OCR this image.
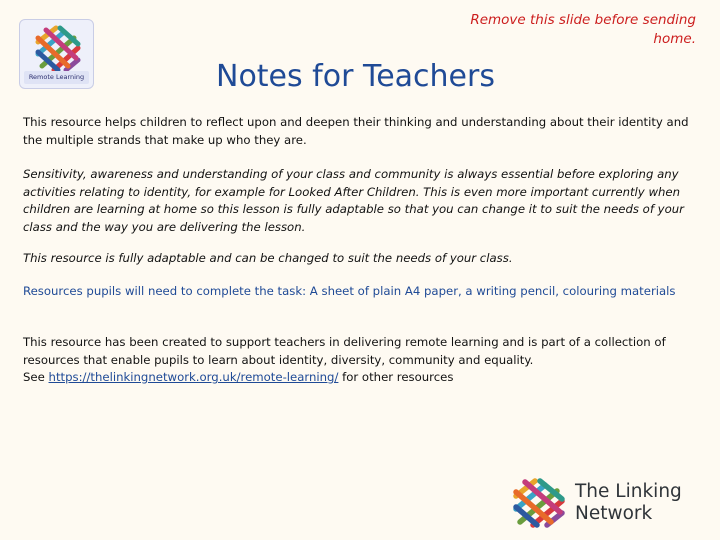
Remote Learning
Remove this slide before sending home.
Notes for Teachers

This resource helps children to reflect upon and deepen their thinking and understanding about their identity and the multiple strands that make up who they are.

Sensitivity, awareness and understanding of your class and community is always essential before exploring any activities relating to identity, for example for Looked After Children. This is even more important currently when children are learning at home so this lesson is fully adaptable so that you can change it to suit the needs of your class and the way you are delivering the lesson.

This resource is fully adaptable and can be changed to suit the needs of your class.

Resources pupils will need to complete the task: A sheet of plain A4 paper, a writing pencil, colouring materials

This resource has been created to support teachers in delivering remote learning and is part of a collection of resources that enable pupils to learn about identity, diversity, community and equality.
See https://thelinkingnetwork.org.uk/remote-learning/ for other resources

The Linking
Network
